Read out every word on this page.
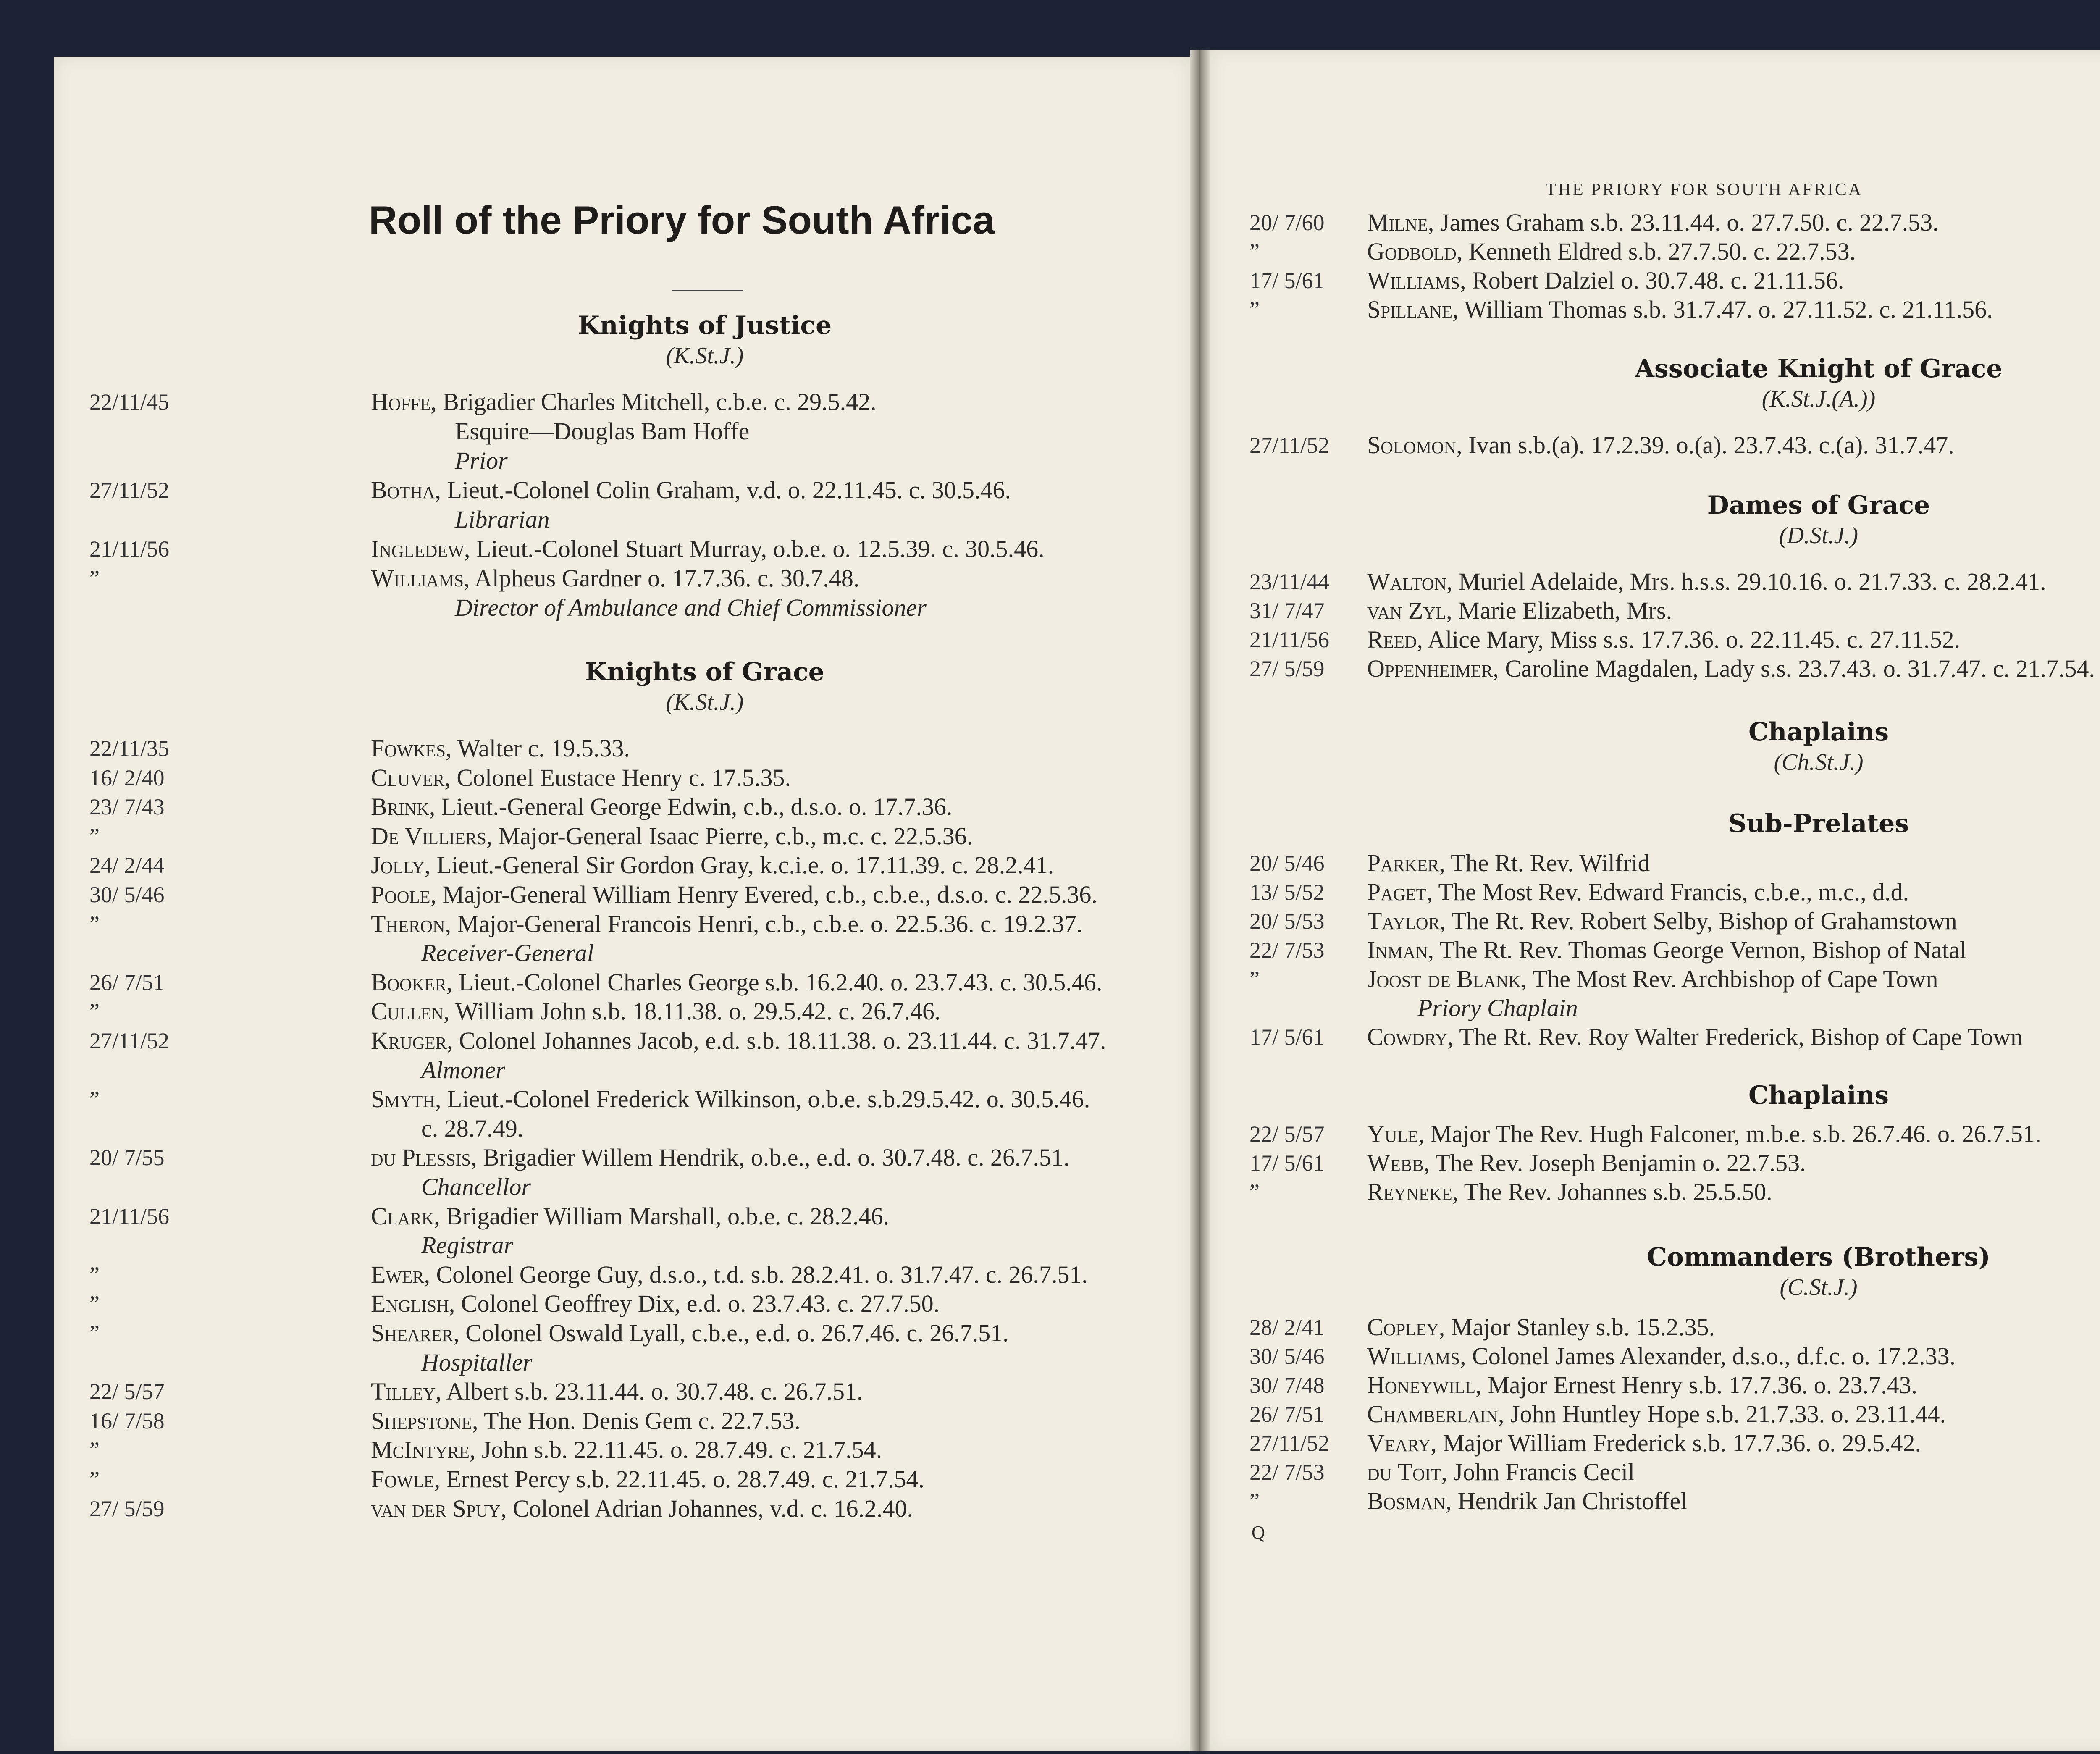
Roll of the Priory for South Africa
Knights of Justice
(K.St.J.)
Knights of Grace
(K.St.J.)
22/11/45	Hoffe, Brigadier Charles Mitchell, c.b.e. c. 29.5.42.
Esquire—Douglas Bam Hoffe
Prior
27/11/52	Botha, Lieut.-Colonel Colin Graham, v.d. o. 22.11.45. c. 30.5.46.
Librarian
21/11/56	Ingledew, Lieut.-Colonel Stuart Murray, o.b.e. o. 12.5.39. c. 30.5.46.
”	Williams, Alpheus Gardner o. 17.7.36. c. 30.7.48.
Director of Ambulance and Chief Commissioner
22/11/35	Fowkes, Walter c. 19.5.33.
16/ 2/40	Cluver, Colonel Eustace Henry c. 17.5.35.
23/ 7/43	Brink, Lieut.-General George Edwin, c.b., d.s.o. o. 17.7.36.
”	De Villiers, Major-General Isaac Pierre, c.b., m.c. c. 22.5.36.
24/ 2/44	Jolly, Lieut.-General Sir Gordon Gray, k.c.i.e. o. 17.11.39. c. 28.2.41.
30/ 5/46	Poole, Major-General William Henry Evered, c.b., c.b.e., d.s.o. c. 22.5.36.
”	Theron, Major-General Francois Henri, c.b., c.b.e. o. 22.5.36. c. 19.2.37.
Receiver-General
26/ 7/51	Booker, Lieut.-Colonel Charles George s.b. 16.2.40. o. 23.7.43. c. 30.5.46.
”	Cullen, William John s.b. 18.11.38. o. 29.5.42. c. 26.7.46.
27/11/52	Kruger, Colonel Johannes Jacob, e.d. s.b. 18.11.38. o. 23.11.44. c. 31.7.47.
Almoner
”	Smyth, Lieut.-Colonel Frederick Wilkinson, o.b.e. s.b.29.5.42. o. 30.5.46.
c. 28.7.49.
20/ 7/55	du Plessis, Brigadier Willem Hendrik, o.b.e., e.d. o. 30.7.48. c. 26.7.51.
Chancellor
21/11/56	Clark, Brigadier William Marshall, o.b.e. c. 28.2.46.
Registrar
”	Ewer, Colonel George Guy, d.s.o., t.d. s.b. 28.2.41. o. 31.7.47. c. 26.7.51.
”	English, Colonel Geoffrey Dix, e.d. o. 23.7.43. c. 27.7.50.
”	Shearer, Colonel Oswald Lyall, c.b.e., e.d. o. 26.7.46. c. 26.7.51.
Hospitaller
22/ 5/57	Tilley, Albert s.b. 23.11.44. o. 30.7.48. c. 26.7.51.
16/ 7/58	Shepstone, The Hon. Denis Gem c. 22.7.53.
”	McIntyre, John s.b. 22.11.45. o. 28.7.49. c. 21.7.54.
”	Fowle, Ernest Percy s.b. 22.11.45. o. 28.7.49. c. 21.7.54.
27/ 5/59	van der Spuy, Colonel Adrian Johannes, v.d. c. 16.2.40.
THE PRIORY FOR SOUTH AFRICA
Associate Knight of Grace
(K.St.J.(A.))
Dames of Grace
(D.St.J.)
Chaplains
(Ch.St.J.)
Sub-Prelates
Chaplains
Commanders (Brothers)
(C.St.J.)
Q
20/ 7/60 Milne, James Graham s.b. 23.11.44. o. 27.7.50. c. 22.7.53.
”	Godbold, Kenneth Eldred s.b. 27.7.50. c. 22.7.53.
17/ 5/61 Williams, Robert Dalziel o. 30.7.48. c. 21.11.56.
”	Spillane, William Thomas s.b. 31.7.47. o. 27.11.52. c. 21.11.56.
27/11/52 Solomon, Ivan s.b.(a). 17.2.39. o.(a). 23.7.43. c.(a). 31.7.47.
23/11/44 Walton, Muriel Adelaide, Mrs. h.s.s. 29.10.16. o. 21.7.33. c. 28.2.41.
31/ 7/47 van Zyl, Marie Elizabeth, Mrs.
21/11/56 Reed, Alice Mary, Miss s.s. 17.7.36. o. 22.11.45. c. 27.11.52.
27/ 5/59 Oppenheimer, Caroline Magdalen, Lady s.s. 23.7.43. o. 31.7.47. c. 21.7.54.
20/ 5/46 Parker, The Rt. Rev. Wilfrid
13/ 5/52 Paget, The Most Rev. Edward Francis, c.b.e., m.c., d.d.
20/ 5/53 Taylor, The Rt. Rev. Robert Selby, Bishop of Grahamstown
22/ 7/53 Inman, The Rt. Rev. Thomas George Vernon, Bishop of Natal
”	Joost de Blank, The Most Rev. Archbishop of Cape Town
Priory Chaplain
17/ 5/61 Cowdry, The Rt. Rev. Roy Walter Frederick, Bishop of Cape Town
22/ 5/57 Yule, Major The Rev. Hugh Falconer, m.b.e. s.b. 26.7.46. o. 26.7.51.
17/ 5/61 Webb, The Rev. Joseph Benjamin o. 22.7.53.
”	Reyneke, The Rev. Johannes s.b. 25.5.50.
28/ 2/41 Copley, Major Stanley s.b. 15.2.35.
30/ 5/46 Williams, Colonel James Alexander, d.s.o., d.f.c. o. 17.2.33.
30/ 7/48 Honeywill, Major Ernest Henry s.b. 17.7.36. o. 23.7.43.
26/ 7/51 Chamberlain, John Huntley Hope s.b. 21.7.33. o. 23.11.44.
27/11/52 Veary, Major William Frederick s.b. 17.7.36. o. 29.5.42.
22/ 7/53 du Toit, John Francis Cecil
”	Bosman, Hendrik Jan Christoffel
